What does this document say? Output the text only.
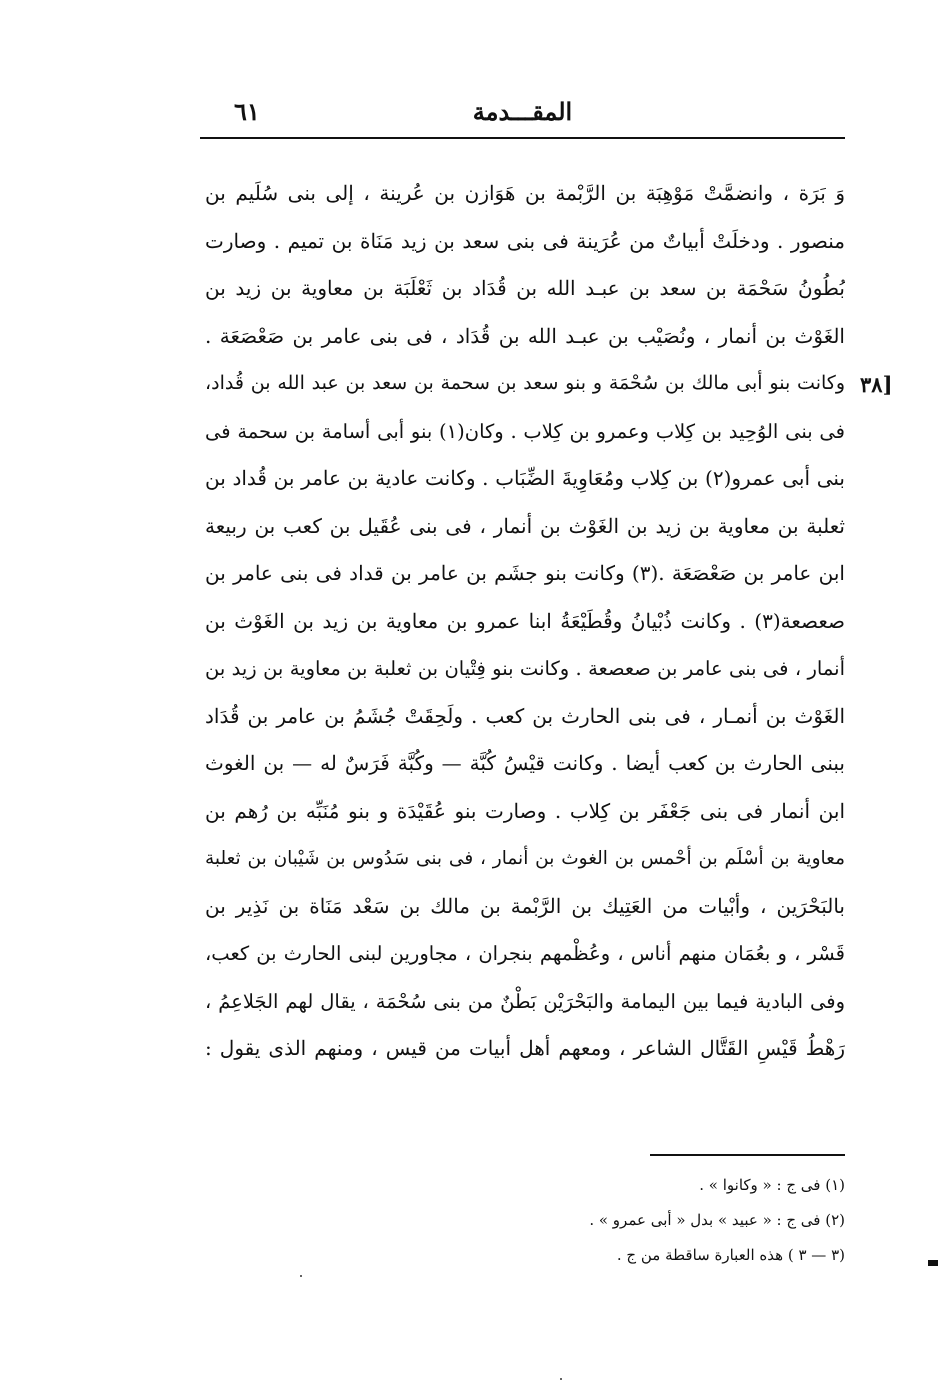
المقـــدمة
٦١
[٣٨
وَ بَرَة ، وانضمَّتْ مَوْهِبَة بن الرَّبْمة بن هَوَازن بن عُرينة ، إلى بنى سُلَيم بن
منصور . ودخلَتْ أبياتٌ من عُرَينة فى بنى سعد بن زيد مَنَاة بن تميم . وصارت
بُطُونُ سَحْمَة بن سعد بن عبـد الله بن قُدَاد بن ثَعْلَبَة بن معاوية بن زيد بن
الغَوْث بن أنمار ، ونُصَيْب بن عبـد الله بن قُدَاد ، فى بنى عامر بن صَعْصَعَة .
وكانت بنو أبى مالك بن سُحْمَة و بنو سعد بن سحمة بن سعد بن عبد الله بن قُداد،
فى بنى الوُحِيد بن كِلاب وعمرو بن كِلاب . وكان(١) بنو أبى أسامة بن سحمة فى
بنى أبى عمرو(٢) بن كِلاب ومُعَاوِيةَ الضِّبَاب . وكانت عادية بن عامر بن قُداد بن
ثعلبة بن معاوية بن زيد بن الغَوْث بن أنمار ، فى بنى عُقَيل بن كعب بن ربيعة
ابن عامر بن صَعْصَعَة .(٣) وكانت بنو جشَم بن عامر بن قداد فى بنى عامر بن
صعصعة(٣) . وكانت ذُبْيانُ وقُطَيْعَةُ ابنا عمرو بن معاوية بن زيد بن الغَوْث بن
أنمار ، فى بنى عامر بن صعصعة . وكانت بنو فِتْيان بن ثعلبة بن معاوية بن زيد بن
الغَوْث بن أنمـار ، فى بنى الحارث بن كعب . ولَحِقَتْ جُشَمُ بن عامر بن قُدَاد
ببنى الحارث بن كعب أيضا . وكانت قيْسُ كُبَّة — وكُبَّة فَرَسٌ له — بن الغوث
ابن أنمار فى بنى جَعْفَر بن كِلاب . وصارت بنو عُقَيْدَة و بنو مُنَبِّه بن رُهم بن
معاوية بن أسْلَم بن أحْمس بن الغوث بن أنمار ، فى بنى سَدُوس بن شَيْبان بن ثعلبة
بالبَحْرَين ، وأبْيات من العَتِيك بن الرَّبْمة بن مالك بن سَعْد مَنَاة بن نَذِير بن
قَسْر ، و بعُمَان منهم أناس ، وعُظْمهم بنجران ، مجاورين لبنى الحارث بن كعب،
وفى البادية فيما بين اليمامة والبَحْرَيْن بَطْنٌ من بنى سُحْمَة ، يقال لهم الجَلاعِمُ ،
رَهْطُ قَيْسِ القَتَّال الشاعر ، ومعهم أهل أبيات من قيس ، ومنهم الذى يقول :
(١) فى ج : « وكانوا » .
(٢) فى ج : « عبيد » بدل « أبى عمرو » .
(٣ — ٣ ) هذه العبارة ساقطة من ج .
